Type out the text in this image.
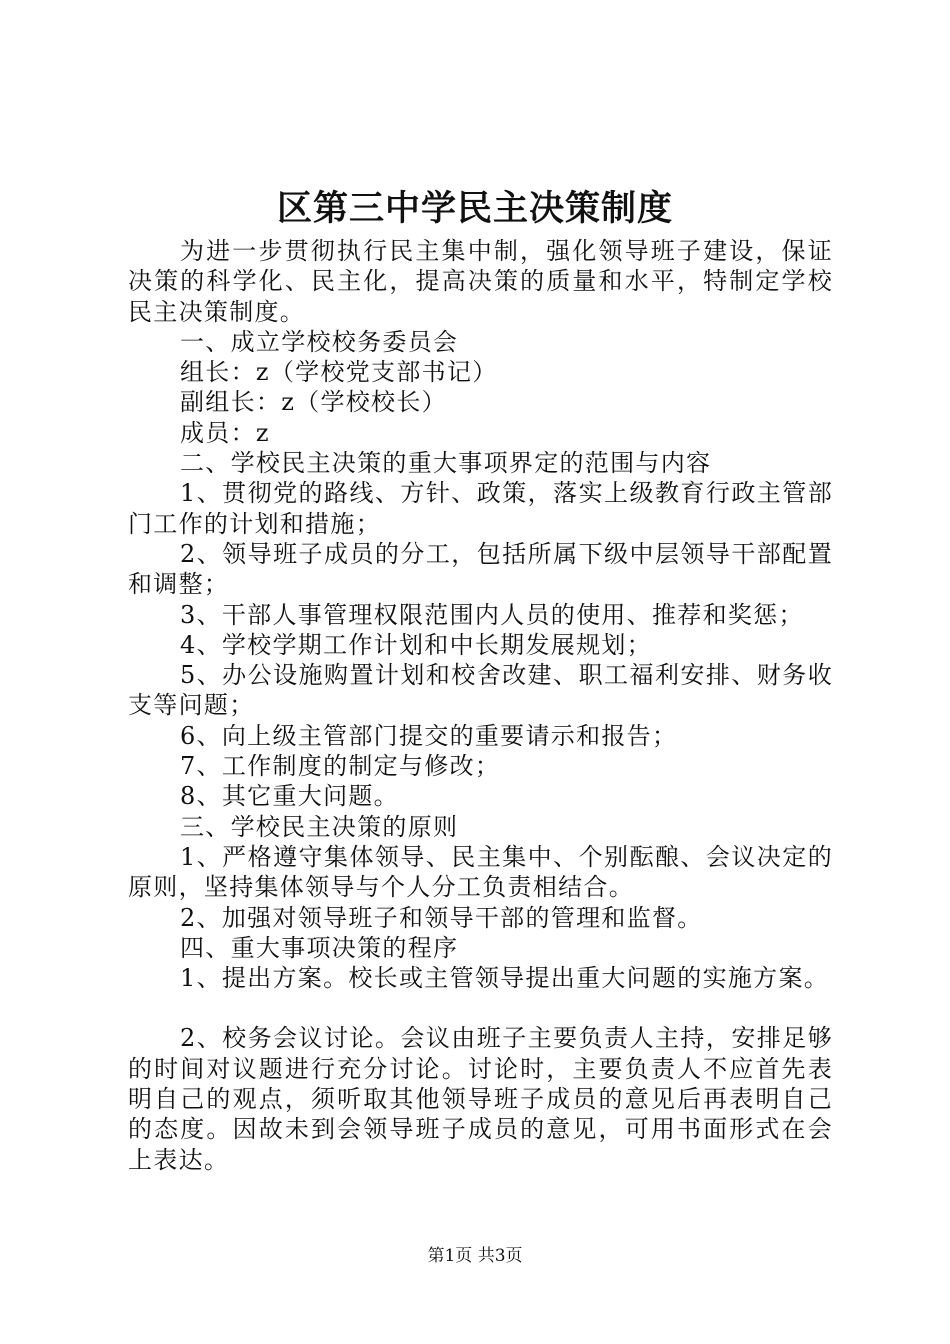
区第三中学民主决策制度

为进一步贯彻执行民主集中制，强化领导班子建设，保证决策的科学化、民主化，提高决策的质量和水平，特制定学校民主决策制度。

一、成立学校校务委员会

组长：z（学校党支部书记）

副组长：z（学校校长）

成员：z

二、学校民主决策的重大事项界定的范围与内容

1、贯彻党的路线、方针、政策，落实上级教育行政主管部门工作的计划和措施；

2、领导班子成员的分工，包括所属下级中层领导干部配置和调整；

3、干部人事管理权限范围内人员的使用、推荐和奖惩；

4、学校学期工作计划和中长期发展规划；

5、办公设施购置计划和校舍改建、职工福利安排、财务收支等问题；

6、向上级主管部门提交的重要请示和报告；

7、工作制度的制定与修改；

8、其它重大问题。

三、学校民主决策的原则

1、严格遵守集体领导、民主集中、个别酝酿、会议决定的原则，坚持集体领导与个人分工负责相结合。

2、加强对领导班子和领导干部的管理和监督。

四、重大事项决策的程序

1、提出方案。校长或主管领导提出重大问题的实施方案。

2、校务会议讨论。会议由班子主要负责人主持，安排足够的时间对议题进行充分讨论。讨论时，主要负责人不应首先表明自己的观点，须听取其他领导班子成员的意见后再表明自己的态度。因故未到会领导班子成员的意见，可用书面形式在会上表达。

第1页 共3页
